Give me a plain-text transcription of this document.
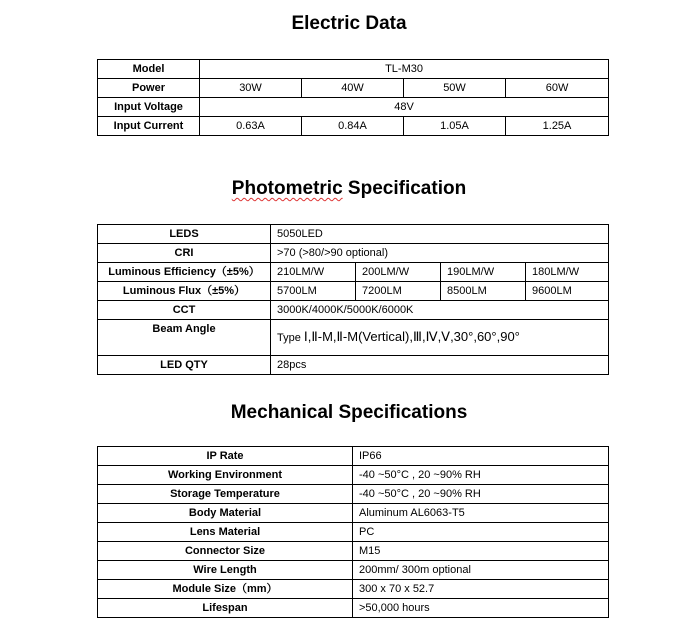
Electric Data
Model	TL-M30			
Power	30W	40W	50W	60W
Input Voltage	48V			
Input Current	0.63A	0.84A	1.05A	1.25A
Photometric Specification
LEDS	5050LED			
CRI	>70 (>80/>90 optional)			
Luminous Efficiency（±5%）	210LM/W	200LM/W	190LM/W	180LM/W
Luminous Flux（±5%）	5700LM	7200LM	8500LM	9600LM
CCT	3000K/4000K/5000K/6000K			
Beam Angle	Type Ⅰ,Ⅱ-M,Ⅱ-M(Vertical),Ⅲ,Ⅳ,Ⅴ,30°,60°,90°			
LED QTY	28pcs			
Mechanical Specifications
IP Rate	IP66
Working Environment	-40 ~50°C , 20 ~90% RH
Storage Temperature	-40 ~50°C , 20 ~90% RH
Body Material	Aluminum AL6063-T5
Lens Material	PC
Connector Size	M15
Wire Length	200mm/ 300m optional
Module Size（mm）	300 x 70 x 52.7
Lifespan	>50,000 hours
